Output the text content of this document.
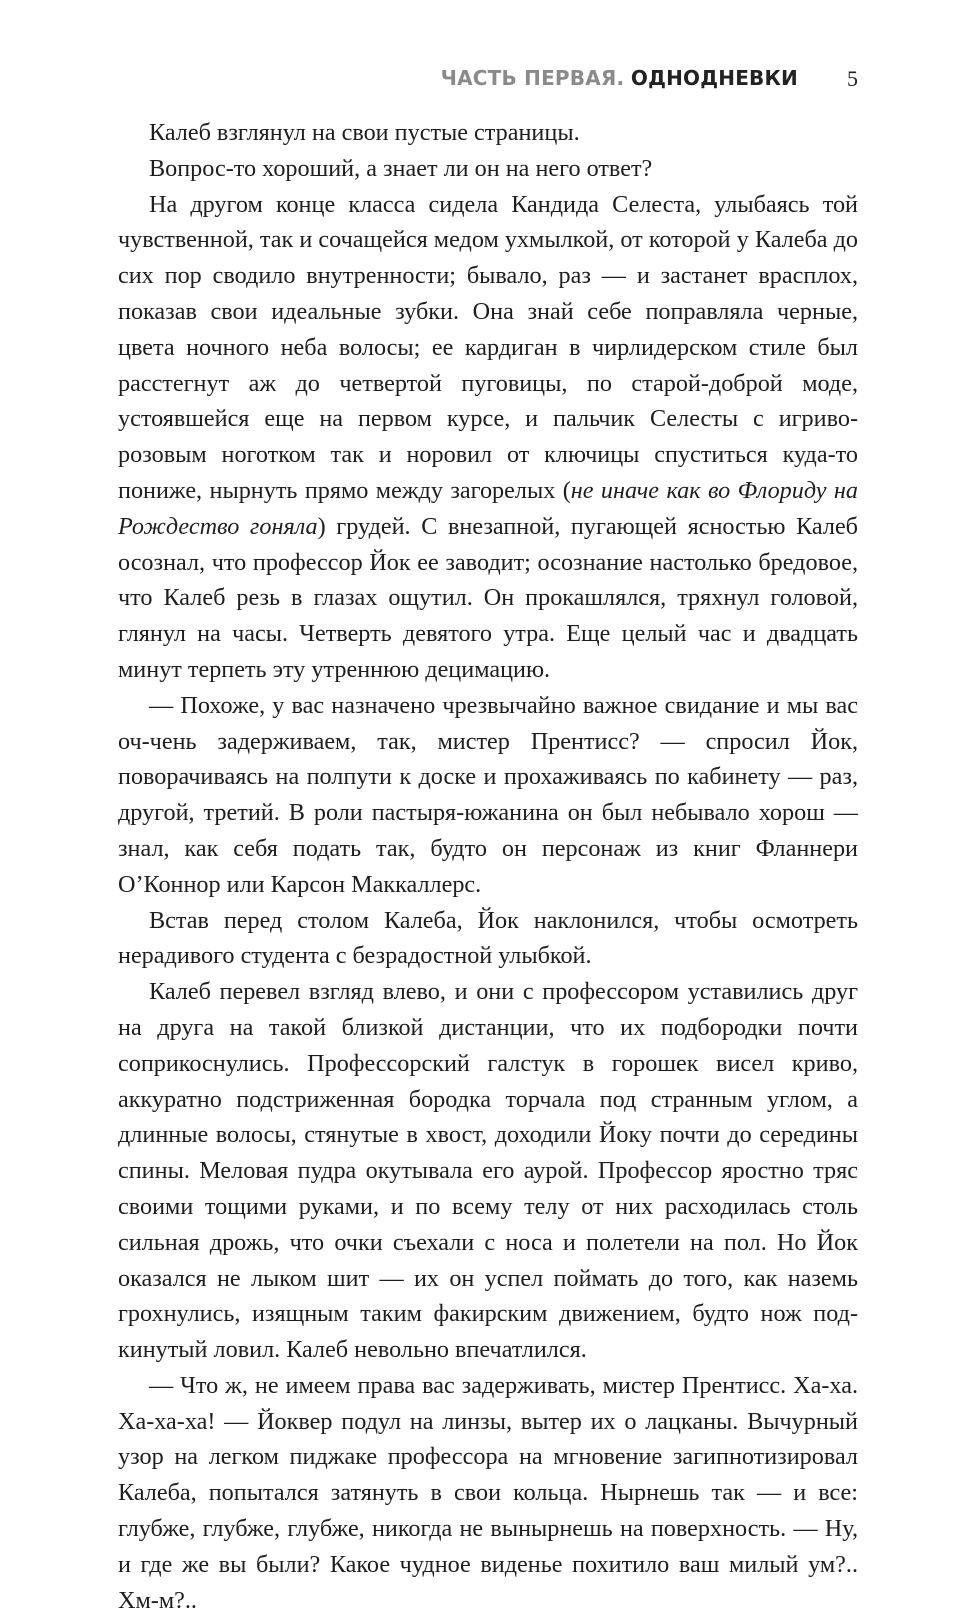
ЧАСТЬ ПЕРВАЯ. ОДНОДНЕВКИ 5

Калеб взглянул на свои пустые страницы.

Вопрос-то хороший, а знает ли он на него ответ?

На другом конце класса сидела Кандида Селеста, улыбаясь той чувственной, так и сочащейся медом ухмылкой, от которой у Калеба до сих пор сводило внутренности; бывало, раз — и застанет врасплох, показав свои идеальные зубки. Она знай себе поправляла черные, цвета ночного неба волосы; ее кардиган в чирлидерском стиле был расстегнут аж до четвертой пуговицы, по старой-доброй моде, устоявшейся еще на первом курсе, и пальчик Селесты с игриво-розовым ноготком так и норовил от ключицы спуститься куда-то пониже, нырнуть прямо между загорелых (не иначе как во Флориду на Рождество гоняла) грудей. С внезапной, пугающей ясностью Калеб осознал, что профессор Йок ее заводит; осознание настолько бредовое, что Калеб резь в глазах ощутил. Он прокашлялся, тряхнул головой, глянул на часы. Четверть девятого утра. Еще целый час и двадцать минут терпеть эту утреннюю децимацию.

— Похоже, у вас назначено чрезвычайно важное свидание и мы вас оч-чень задерживаем, так, мистер Прентисс? — спросил Йок, поворачиваясь на полпути к доске и прохаживаясь по кабинету — раз, другой, третий. В роли пастыря-южанина он был небывало хорош — знал, как себя подать так, будто он персонаж из книг Фланнери О’Коннор или Карсон Маккаллерс.

Встав перед столом Калеба, Йок наклонился, чтобы осмотреть нерадивого студента с безрадостной улыбкой.

Калеб перевел взгляд влево, и они с профессором уставились друг на друга на такой близкой дистанции, что их подбородки почти соприкоснулись. Профессорский галстук в горошек висел криво, аккуратно подстриженная бородка торчала под странным углом, а длинные волосы, стянутые в хвост, доходили Йоку почти до середины спины. Меловая пудра окутывала его аурой. Профессор яростно тряс своими тощими руками, и по всему телу от них расходилась столь сильная дрожь, что очки съехали с носа и полетели на пол. Но Йок оказался не лыком шит — их он успел поймать до того, как наземь грохнулись, изящным таким факирским движением, будто нож подкинутый ловил. Калеб невольно впечатлился.

— Что ж, не имеем права вас задерживать, мистер Прентисс. Ха-ха. Ха-ха-ха! — Йоквер подул на линзы, вытер их о лацканы. Вычурный узор на легком пиджаке профессора на мгновение загипнотизировал Калеба, попытался затянуть в свои кольца. Нырнешь так — и все: глубже, глубже, глубже, никогда не вынырнешь на поверхность. — Ну, и где же вы были? Какое чудное виденье похитило ваш милый ум?.. Хм-м?..
